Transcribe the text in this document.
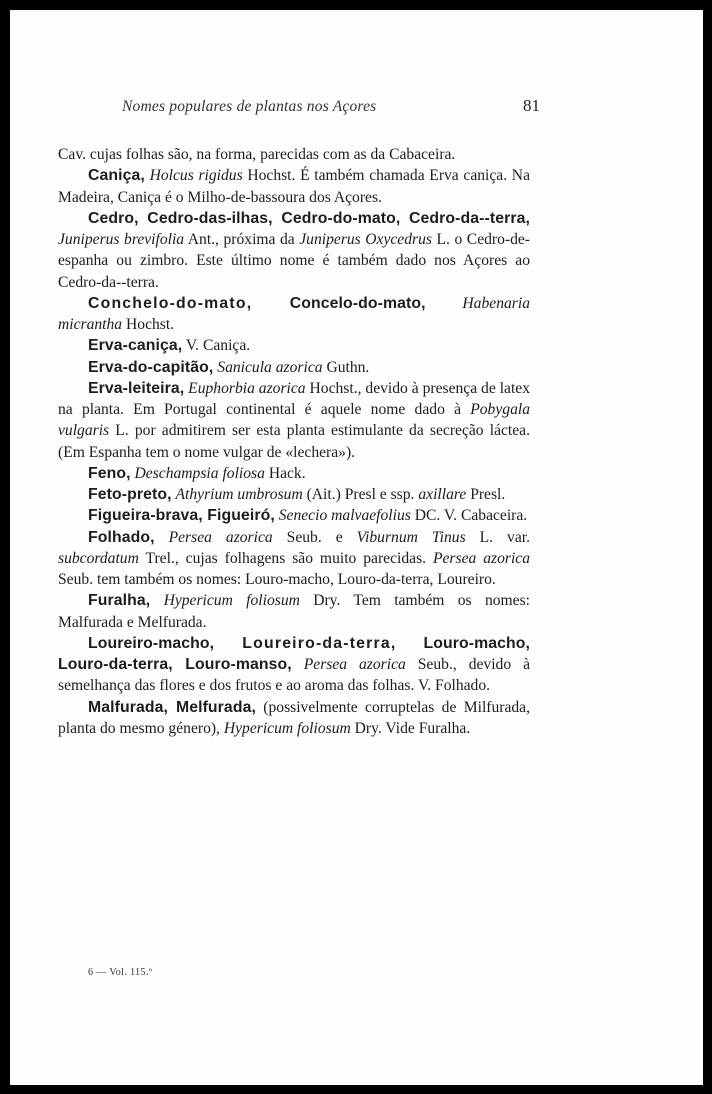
Nomes populares de plantas nos Açores	81

Cav. cujas folhas são, na forma, parecidas com as da Cabaceira.

Caniça, Holcus rigidus Hochst. É também chamada Erva caniça. Na Madeira, Caniça é o Milho-de-bassoura dos Açores.

Cedro, Cedro-das-ilhas, Cedro-do-mato, Cedro-da--terra, Juniperus brevifolia Ant., próxima da Juniperus Oxycedrus L. o Cedro-de-espanha ou zimbro. Este último nome é também dado nos Açores ao Cedro-da--terra.

Conchelo-do-mato, Concelo-do-mato, Habenaria micrantha Hochst.

Erva-caniça, V. Caniça.

Erva-do-capitão, Sanicula azorica Guthn.

Erva-leiteira, Euphorbia azorica Hochst., devido à presença de latex na planta. Em Portugal continental é aquele nome dado à Pobygala vulgaris L. por admitirem ser esta planta estimulante da secreção láctea. (Em Espanha tem o nome vulgar de «lechera»).

Feno, Deschampsia foliosa Hack.

Feto-preto, Athyrium umbrosum (Ait.) Presl e ssp. axillare Presl.

Figueira-brava, Figueiró, Senecio malvaefolius DC. V. Cabaceira.

Folhado, Persea azorica Seub. e Viburnum Tinus L. var. subcordatum Trel., cujas folhagens são muito parecidas. Persea azorica Seub. tem também os nomes: Louro-macho, Louro-da-terra, Loureiro.

Furalha, Hypericum foliosum Dry. Tem também os nomes: Malfurada e Melfurada.

Loureiro-macho, Loureiro-da-terra, Louro-macho, Louro-da-terra, Louro-manso, Persea azorica Seub., devido à semelhança das flores e dos frutos e ao aroma das folhas. V. Folhado.

Malfurada, Melfurada, (possivelmente corruptelas de Milfurada, planta do mesmo género), Hypericum foliosum Dry. Vide Furalha.

6 — Vol. 115.º
